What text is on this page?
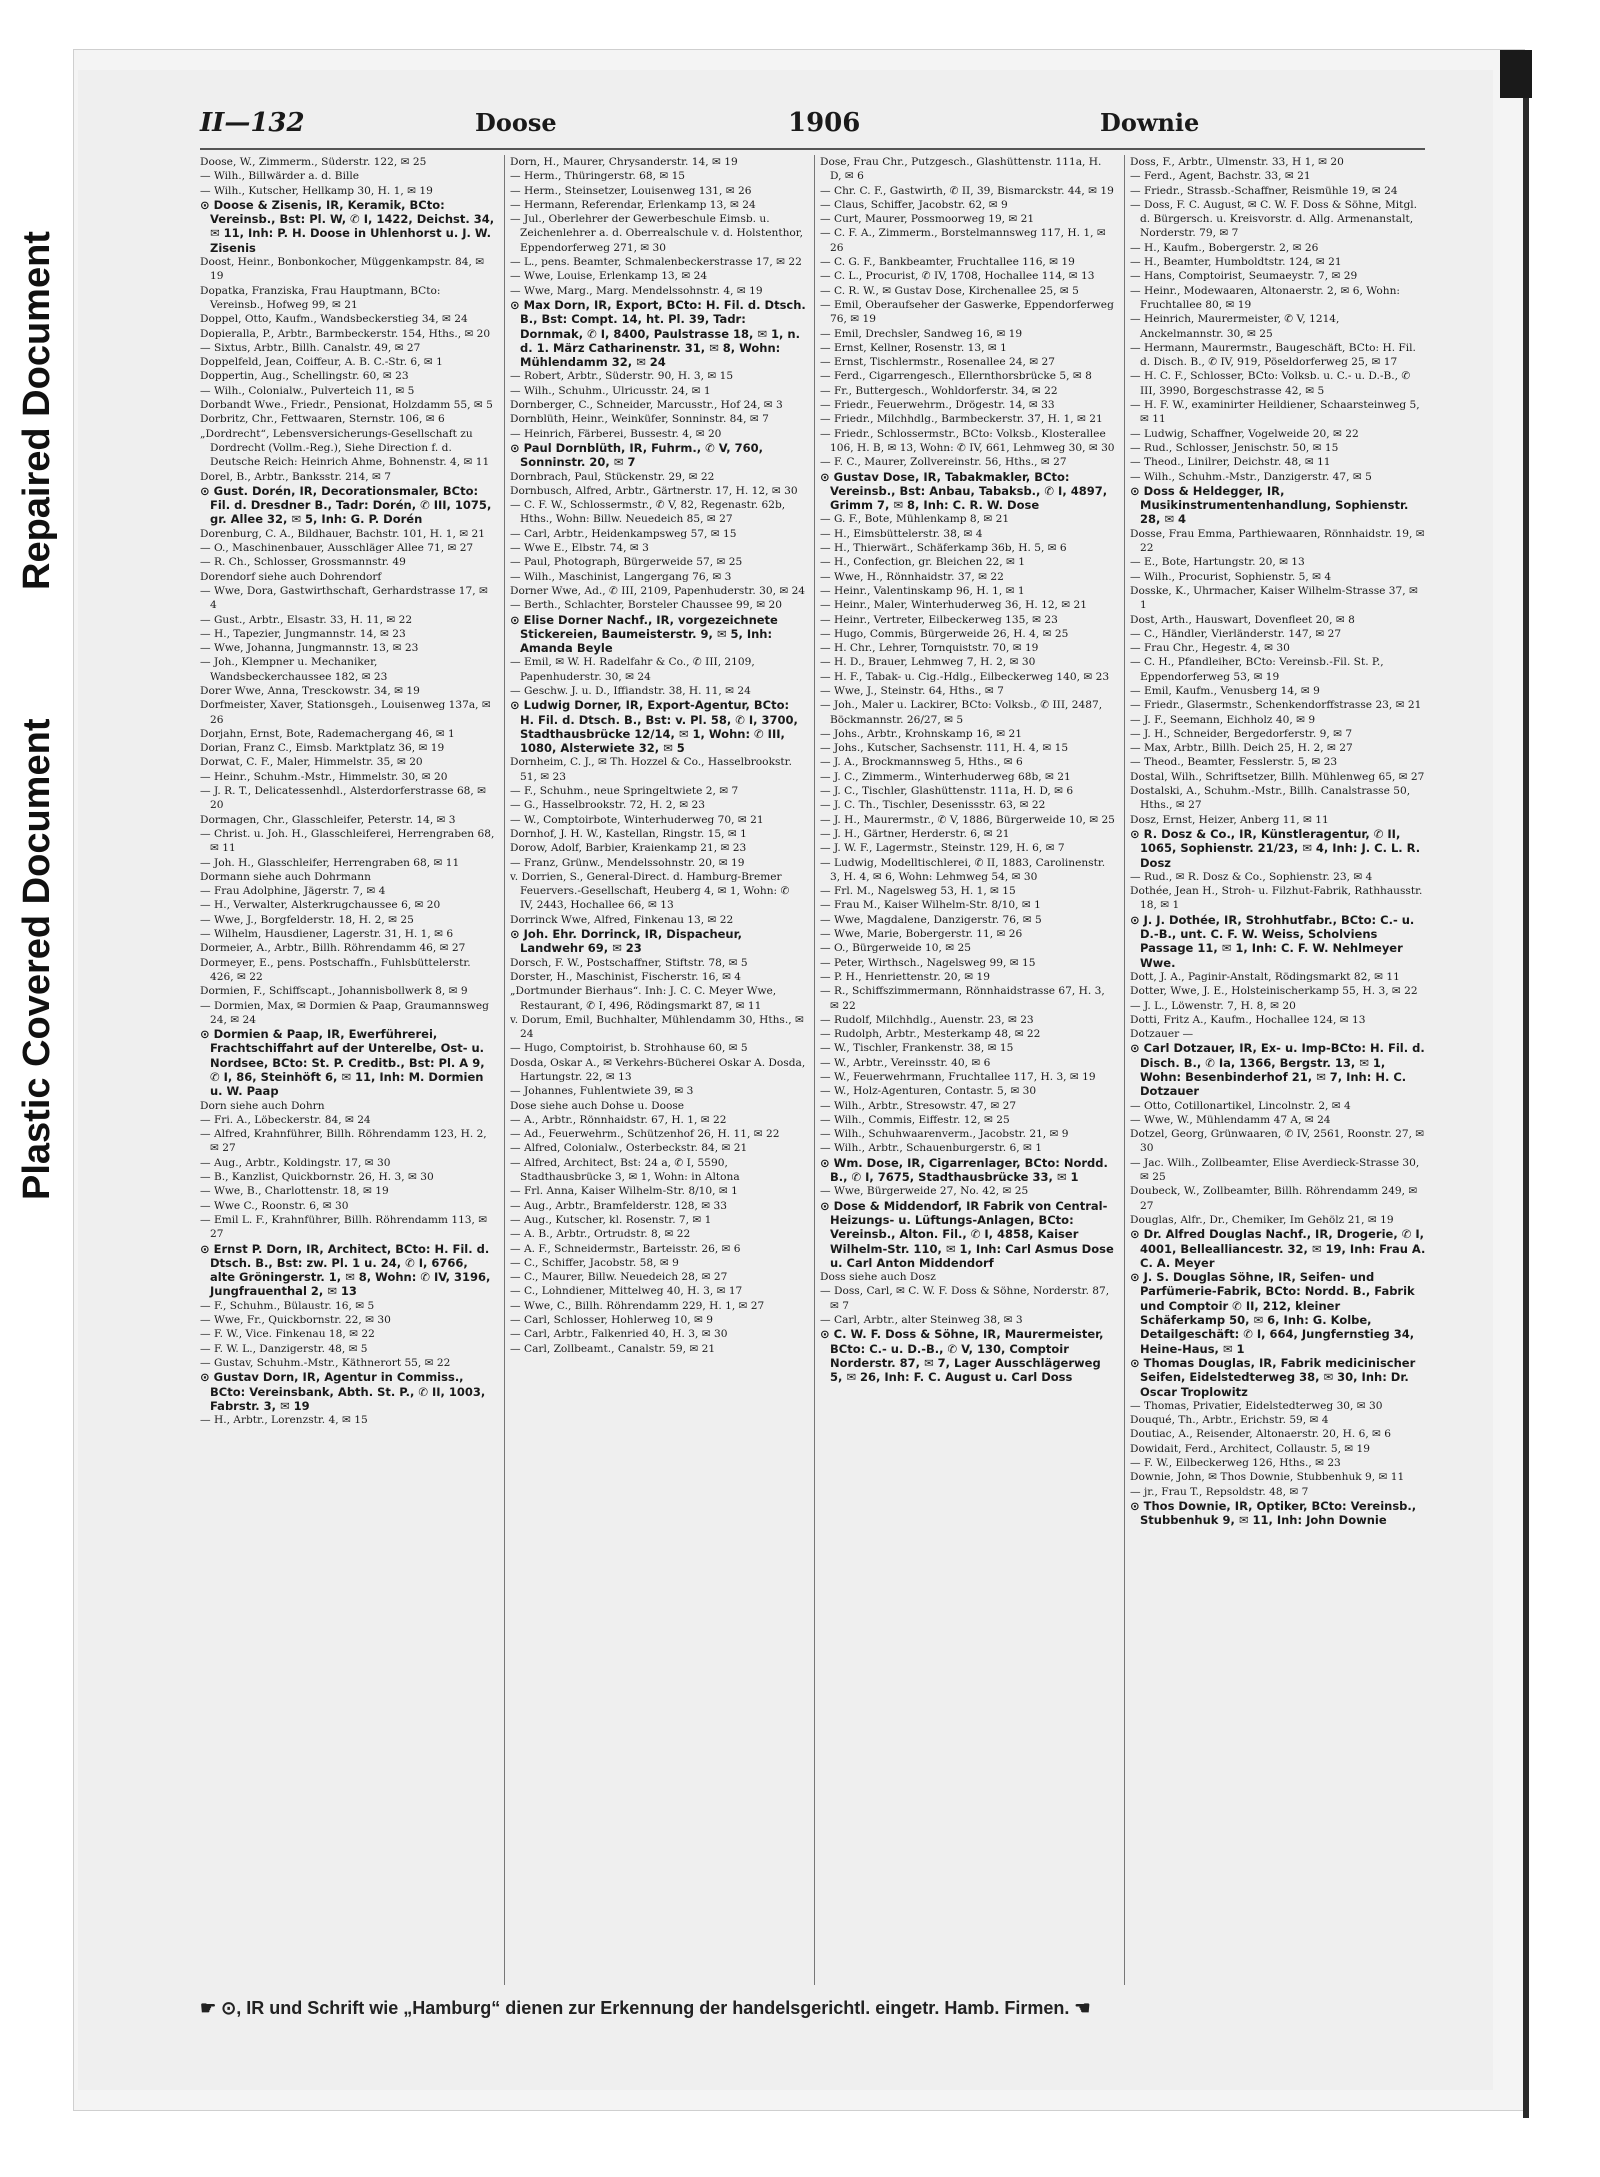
Repaired Document
Plastic Covered Document
II—132	Doose	1906	Downie

Doose, W., Zimmerm., Süderstr. 122, ✉ 25

— Wilh., Billwärder a. d. Bille

— Wilh., Kutscher, Hellkamp 30, H. 1, ✉ 19

⊙ Doose & Zisenis, IR, Keramik, BCto: Vereinsb., Bst: Pl. W, ✆ I, 1422, Deichst. 34, ✉ 11, Inh: P. H. Doose in Uhlenhorst u. J. W. Zisenis

Doost, Heinr., Bonbonkocher, Müggenkampstr. 84, ✉ 19

Dopatka, Franziska, Frau Hauptmann, BCto: Vereinsb., Hofweg 99, ✉ 21

Doppel, Otto, Kaufm., Wandsbeckerstieg 34, ✉ 24

Dopieralla, P., Arbtr., Barmbeckerstr. 154, Hths., ✉ 20

— Sixtus, Arbtr., Billh. Canalstr. 49, ✉ 27

Doppelfeld, Jean, Coiffeur, A. B. C.-Str. 6, ✉ 1

Doppertin, Aug., Schellingstr. 60, ✉ 23

— Wilh., Colonialw., Pulverteich 11, ✉ 5

Dorbandt Wwe., Friedr., Pensionat, Holzdamm 55, ✉ 5

Dorbritz, Chr., Fettwaaren, Sternstr. 106, ✉ 6

„Dordrecht“, Lebensversicherungs-Gesellschaft zu Dordrecht (Vollm.-Reg.), Siehe Direction f. d. Deutsche Reich: Heinrich Ahme, Bohnenstr. 4, ✉ 11

Dorel, B., Arbtr., Banksstr. 214, ✉ 7

⊙ Gust. Dorén, IR, Decorationsmaler, BCto: Fil. d. Dresdner B., Tadr: Dorén, ✆ III, 1075, gr. Allee 32, ✉ 5, Inh: G. P. Dorén

Dorenburg, C. A., Bildhauer, Bachstr. 101, H. 1, ✉ 21

— O., Maschinenbauer, Ausschläger Allee 71, ✉ 27

— R. Ch., Schlosser, Grossmannstr. 49

Dorendorf siehe auch Dohrendorf

— Wwe, Dora, Gastwirthschaft, Gerhardstrasse 17, ✉ 4

— Gust., Arbtr., Elsastr. 33, H. 11, ✉ 22

— H., Tapezier, Jungmannstr. 14, ✉ 23

— Wwe, Johanna, Jungmannstr. 13, ✉ 23

— Joh., Klempner u. Mechaniker, Wandsbeckerchaussee 182, ✉ 23

Dorer Wwe, Anna, Tresckowstr. 34, ✉ 19

Dorfmeister, Xaver, Stationsgeh., Louisenweg 137a, ✉ 26

Dorjahn, Ernst, Bote, Rademachergang 46, ✉ 1

Dorian, Franz C., Eimsb. Marktplatz 36, ✉ 19

Dorwat, C. F., Maler, Himmelstr. 35, ✉ 20

— Heinr., Schuhm.-Mstr., Himmelstr. 30, ✉ 20

— J. R. T., Delicatessenhdl., Alsterdorferstrasse 68, ✉ 20

Dormagen, Chr., Glasschleifer, Peterstr. 14, ✉ 3

— Christ. u. Joh. H., Glasschleiferei, Herrengraben 68, ✉ 11

— Joh. H., Glasschleifer, Herrengraben 68, ✉ 11

Dormann siehe auch Dohrmann

— Frau Adolphine, Jägerstr. 7, ✉ 4

— H., Verwalter, Alsterkrugchaussee 6, ✉ 20

— Wwe, J., Borgfelderstr. 18, H. 2, ✉ 25

— Wilhelm, Hausdiener, Lagerstr. 31, H. 1, ✉ 6

Dormeier, A., Arbtr., Billh. Röhrendamm 46, ✉ 27

Dormeyer, E., pens. Postschaffn., Fuhlsbüttelerstr. 426, ✉ 22

Dormien, F., Schiffscapt., Johannisbollwerk 8, ✉ 9

— Dormien, Max, ✉ Dormien & Paap, Graumannsweg 24, ✉ 24

⊙ Dormien & Paap, IR, Ewerführerei, Frachtschiffahrt auf der Unterelbe, Ost- u. Nordsee, BCto: St. P. Creditb., Bst: Pl. A 9, ✆ I, 86, Steinhöft 6, ✉ 11, Inh: M. Dormien u. W. Paap

Dorn siehe auch Dohrn

— Fri. A., Löbeckerstr. 84, ✉ 24

— Alfred, Krahnführer, Billh. Röhrendamm 123, H. 2, ✉ 27

— Aug., Arbtr., Koldingstr. 17, ✉ 30

— B., Kanzlist, Quickbornstr. 26, H. 3, ✉ 30

— Wwe, B., Charlottenstr. 18, ✉ 19

— Wwe C., Roonstr. 6, ✉ 30

— Emil L. F., Krahnführer, Billh. Röhrendamm 113, ✉ 27

⊙ Ernst P. Dorn, IR, Architect, BCto: H. Fil. d. Dtsch. B., Bst: zw. Pl. 1 u. 24, ✆ I, 6766, alte Gröningerstr. 1, ✉ 8, Wohn: ✆ IV, 3196, Jungfrauenthal 2, ✉ 13

— F., Schuhm., Bülaustr. 16, ✉ 5

— Wwe, Fr., Quickbornstr. 22, ✉ 30

— F. W., Vice. Finkenau 18, ✉ 22

— F. W. L., Danzigerstr. 48, ✉ 5

— Gustav, Schuhm.-Mstr., Käthnerort 55, ✉ 22

⊙ Gustav Dorn, IR, Agentur in Commiss., BCto: Vereinsbank, Abth. St. P., ✆ II, 1003, Fabrstr. 3, ✉ 19

— H., Arbtr., Lorenzstr. 4, ✉ 15

Dorn, H., Maurer, Chrysanderstr. 14, ✉ 19

— Herm., Thüringerstr. 68, ✉ 15

— Herm., Steinsetzer, Louisenweg 131, ✉ 26

— Hermann, Referendar, Erlenkamp 13, ✉ 24

— Jul., Oberlehrer der Gewerbeschule Eimsb. u. Zeichenlehrer a. d. Oberrealschule v. d. Holstenthor, Eppendorferweg 271, ✉ 30

— L., pens. Beamter, Schmalenbeckerstrasse 17, ✉ 22

— Wwe, Louise, Erlenkamp 13, ✉ 24

— Wwe, Marg., Marg. Mendelssohnstr. 4, ✉ 19

⊙ Max Dorn, IR, Export, BCto: H. Fil. d. Dtsch. B., Bst: Compt. 14, ht. Pl. 39, Tadr: Dornmak, ✆ I, 8400, Paulstrasse 18, ✉ 1, n. d. 1. März Catharinenstr. 31, ✉ 8, Wohn: Mühlendamm 32, ✉ 24

— Robert, Arbtr., Süderstr. 90, H. 3, ✉ 15

— Wilh., Schuhm., Ulricusstr. 24, ✉ 1

Dornberger, C., Schneider, Marcusstr., Hof 24, ✉ 3

Dornblüth, Heinr., Weinküfer, Sonninstr. 84, ✉ 7

— Heinrich, Färberei, Bussestr. 4, ✉ 20

⊙ Paul Dornblüth, IR, Fuhrm., ✆ V, 760, Sonninstr. 20, ✉ 7

Dornbrach, Paul, Stückenstr. 29, ✉ 22

Dornbusch, Alfred, Arbtr., Gärtnerstr. 17, H. 12, ✉ 30

— C. F. W., Schlossermstr., ✆ V, 82, Regenastr. 62b, Hths., Wohn: Billw. Neuedeich 85, ✉ 27

— Carl, Arbtr., Heidenkampsweg 57, ✉ 15

— Wwe E., Elbstr. 74, ✉ 3

— Paul, Photograph, Bürgerweide 57, ✉ 25

— Wilh., Maschinist, Langergang 76, ✉ 3

Dorner Wwe, Ad., ✆ III, 2109, Papenhuderstr. 30, ✉ 24

— Berth., Schlachter, Borsteler Chaussee 99, ✉ 20

⊙ Elise Dorner Nachf., IR, vorgezeichnete Stickereien, Baumeisterstr. 9, ✉ 5, Inh: Amanda Beyle

— Emil, ✉ W. H. Radelfahr & Co., ✆ III, 2109, Papenhuderstr. 30, ✉ 24

— Geschw. J. u. D., Iffiandstr. 38, H. 11, ✉ 24

⊙ Ludwig Dorner, IR, Export-Agentur, BCto: H. Fil. d. Dtsch. B., Bst: v. Pl. 58, ✆ I, 3700, Stadthausbrücke 12/14, ✉ 1, Wohn: ✆ III, 1080, Alsterwiete 32, ✉ 5

Dornheim, C. J., ✉ Th. Hozzel & Co., Hasselbrookstr. 51, ✉ 23

— F., Schuhm., neue Springeltwiete 2, ✉ 7

— G., Hasselbrookstr. 72, H. 2, ✉ 23

— W., Comptoirbote, Winterhuderweg 70, ✉ 21

Dornhof, J. H. W., Kastellan, Ringstr. 15, ✉ 1

Dorow, Adolf, Barbier, Kraienkamp 21, ✉ 23

— Franz, Grünw., Mendelssohnstr. 20, ✉ 19

v. Dorrien, S., General-Direct. d. Hamburg-Bremer Feuervers.-Gesellschaft, Heuberg 4, ✉ 1, Wohn: ✆ IV, 2443, Hochallee 66, ✉ 13

Dorrinck Wwe, Alfred, Finkenau 13, ✉ 22

⊙ Joh. Ehr. Dorrinck, IR, Dispacheur, Landwehr 69, ✉ 23

Dorsch, F. W., Postschaffner, Stiftstr. 78, ✉ 5

Dorster, H., Maschinist, Fischerstr. 16, ✉ 4

„Dortmunder Bierhaus“. Inh: J. C. C. Meyer Wwe, Restaurant, ✆ I, 496, Rödingsmarkt 87, ✉ 11

v. Dorum, Emil, Buchhalter, Mühlendamm 30, Hths., ✉ 24

— Hugo, Comptoirist, b. Strohhause 60, ✉ 5

Dosda, Oskar A., ✉ Verkehrs-Bücherei Oskar A. Dosda, Hartungstr. 22, ✉ 13

— Johannes, Fuhlentwiete 39, ✉ 3

Dose siehe auch Dohse u. Doose

— A., Arbtr., Rönnhaidstr. 67, H. 1, ✉ 22

— Ad., Feuerwehrm., Schützenhof 26, H. 11, ✉ 22

— Alfred, Colonialw., Osterbeckstr. 84, ✉ 21

— Alfred, Architect, Bst: 24 a, ✆ I, 5590, Stadthausbrücke 3, ✉ 1, Wohn: in Altona

— Frl. Anna, Kaiser Wilhelm-Str. 8/10, ✉ 1

— Aug., Arbtr., Bramfelderstr. 128, ✉ 33

— Aug., Kutscher, kl. Rosenstr. 7, ✉ 1

— A. B., Arbtr., Ortrudstr. 8, ✉ 22

— A. F., Schneidermstr., Barteisstr. 26, ✉ 6

— C., Schiffer, Jacobstr. 58, ✉ 9

— C., Maurer, Billw. Neuedeich 28, ✉ 27

— C., Lohndiener, Mittelweg 40, H. 3, ✉ 17

— Wwe, C., Billh. Röhrendamm 229, H. 1, ✉ 27

— Carl, Schlosser, Hohlerweg 10, ✉ 9

— Carl, Arbtr., Falkenried 40, H. 3, ✉ 30

— Carl, Zollbeamt., Canalstr. 59, ✉ 21

Dose, Frau Chr., Putzgesch., Glashüttenstr. 111a, H. D, ✉ 6

— Chr. C. F., Gastwirth, ✆ II, 39, Bismarckstr. 44, ✉ 19

— Claus, Schiffer, Jacobstr. 62, ✉ 9

— Curt, Maurer, Possmoorweg 19, ✉ 21

— C. F. A., Zimmerm., Borstelmannsweg 117, H. 1, ✉ 26

— C. G. F., Bankbeamter, Fruchtallee 116, ✉ 19

— C. L., Procurist, ✆ IV, 1708, Hochallee 114, ✉ 13

— C. R. W., ✉ Gustav Dose, Kirchenallee 25, ✉ 5

— Emil, Oberaufseher der Gaswerke, Eppendorferweg 76, ✉ 19

— Emil, Drechsler, Sandweg 16, ✉ 19

— Ernst, Kellner, Rosenstr. 13, ✉ 1

— Ernst, Tischlermstr., Rosenallee 24, ✉ 27

— Ferd., Cigarrengesch., Ellernthorsbrücke 5, ✉ 8

— Fr., Buttergesch., Wohldorferstr. 34, ✉ 22

— Friedr., Feuerwehrm., Drögestr. 14, ✉ 33

— Friedr., Milchhdlg., Barmbeckerstr. 37, H. 1, ✉ 21

— Friedr., Schlossermstr., BCto: Volksb., Klosterallee 106, H. B, ✉ 13, Wohn: ✆ IV, 661, Lehmweg 30, ✉ 30

— F. C., Maurer, Zollvereinstr. 56, Hths., ✉ 27

⊙ Gustav Dose, IR, Tabakmakler, BCto: Vereinsb., Bst: Anbau, Tabaksb., ✆ I, 4897, Grimm 7, ✉ 8, Inh: C. R. W. Dose

— G. F., Bote, Mühlenkamp 8, ✉ 21

— H., Eimsbüttelerstr. 38, ✉ 4

— H., Thierwärt., Schäferkamp 36b, H. 5, ✉ 6

— H., Confection, gr. Bleichen 22, ✉ 1

— Wwe, H., Rönnhaidstr. 37, ✉ 22

— Heinr., Valentinskamp 96, H. 1, ✉ 1

— Heinr., Maler, Winterhuderweg 36, H. 12, ✉ 21

— Heinr., Vertreter, Eilbeckerweg 135, ✉ 23

— Hugo, Commis, Bürgerweide 26, H. 4, ✉ 25

— H. Chr., Lehrer, Tornquiststr. 70, ✉ 19

— H. D., Brauer, Lehmweg 7, H. 2, ✉ 30

— H. F., Tabak- u. Cig.-Hdlg., Eilbeckerweg 140, ✉ 23

— Wwe, J., Steinstr. 64, Hths., ✉ 7

— Joh., Maler u. Lackirer, BCto: Volksb., ✆ III, 2487, Böckmannstr. 26/27, ✉ 5

— Johs., Arbtr., Krohnskamp 16, ✉ 21

— Johs., Kutscher, Sachsenstr. 111, H. 4, ✉ 15

— J. A., Brockmannsweg 5, Hths., ✉ 6

— J. C., Zimmerm., Winterhuderweg 68b, ✉ 21

— J. C., Tischler, Glashüttenstr. 111a, H. D, ✉ 6

— J. C. Th., Tischler, Desenissstr. 63, ✉ 22

— J. H., Maurermstr., ✆ V, 1886, Bürgerweide 10, ✉ 25

— J. H., Gärtner, Herderstr. 6, ✉ 21

— J. W. F., Lagermstr., Steinstr. 129, H. 6, ✉ 7

— Ludwig, Modelltischlerei, ✆ II, 1883, Carolinenstr. 3, H. 4, ✉ 6, Wohn: Lehmweg 54, ✉ 30

— Frl. M., Nagelsweg 53, H. 1, ✉ 15

— Frau M., Kaiser Wilhelm-Str. 8/10, ✉ 1

— Wwe, Magdalene, Danzigerstr. 76, ✉ 5

— Wwe, Marie, Bobergerstr. 11, ✉ 26

— O., Bürgerweide 10, ✉ 25

— Peter, Wirthsch., Nagelsweg 99, ✉ 15

— P. H., Henriettenstr. 20, ✉ 19

— R., Schiffszimmermann, Rönnhaidstrasse 67, H. 3, ✉ 22

— Rudolf, Milchhdlg., Auenstr. 23, ✉ 23

— Rudolph, Arbtr., Mesterkamp 48, ✉ 22

— W., Tischler, Frankenstr. 38, ✉ 15

— W., Arbtr., Vereinsstr. 40, ✉ 6

— W., Feuerwehrmann, Fruchtallee 117, H. 3, ✉ 19

— W., Holz-Agenturen, Contastr. 5, ✉ 30

— Wilh., Arbtr., Stresowstr. 47, ✉ 27

— Wilh., Commis, Eiffestr. 12, ✉ 25

— Wilh., Schuhwaarenverm., Jacobstr. 21, ✉ 9

— Wilh., Arbtr., Schauenburgerstr. 6, ✉ 1

⊙ Wm. Dose, IR, Cigarrenlager, BCto: Nordd. B., ✆ I, 7675, Stadthausbrücke 33, ✉ 1

— Wwe, Bürgerweide 27, No. 42, ✉ 25

⊙ Dose & Middendorf, IR Fabrik von Central-Heizungs- u. Lüftungs-Anlagen, BCto: Vereinsb., Alton. Fil., ✆ I, 4858, Kaiser Wilhelm-Str. 110, ✉ 1, Inh: Carl Asmus Dose u. Carl Anton Middendorf

Doss siehe auch Dosz

— Doss, Carl, ✉ C. W. F. Doss & Söhne, Norderstr. 87, ✉ 7

— Carl, Arbtr., alter Steinweg 38, ✉ 3

⊙ C. W. F. Doss & Söhne, IR, Maurermeister, BCto: C.- u. D.-B., ✆ V, 130, Comptoir Norderstr. 87, ✉ 7, Lager Ausschlägerweg 5, ✉ 26, Inh: F. C. August u. Carl Doss

Doss, F., Arbtr., Ulmenstr. 33, H 1, ✉ 20

— Ferd., Agent, Bachstr. 33, ✉ 21

— Friedr., Strassb.-Schaffner, Reismühle 19, ✉ 24

— Doss, F. C. August, ✉ C. W. F. Doss & Söhne, Mitgl. d. Bürgersch. u. Kreisvorstr. d. Allg. Armenanstalt, Norderstr. 79, ✉ 7

— H., Kaufm., Bobergerstr. 2, ✉ 26

— H., Beamter, Humboldtstr. 124, ✉ 21

— Hans, Comptoirist, Seumaeystr. 7, ✉ 29

— Heinr., Modewaaren, Altonaerstr. 2, ✉ 6, Wohn: Fruchtallee 80, ✉ 19

— Heinrich, Maurermeister, ✆ V, 1214, Anckelmannstr. 30, ✉ 25

— Hermann, Maurermstr., Baugeschäft, BCto: H. Fil. d. Disch. B., ✆ IV, 919, Pöseldorferweg 25, ✉ 17

— H. C. F., Schlosser, BCto: Volksb. u. C.- u. D.-B., ✆ III, 3990, Borgeschstrasse 42, ✉ 5

— H. F. W., examinirter Heildiener, Schaarsteinweg 5, ✉ 11

— Ludwig, Schaffner, Vogelweide 20, ✉ 22

— Rud., Schlosser, Jenischstr. 50, ✉ 15

— Theod., Linilrer, Deichstr. 48, ✉ 11

— Wilh., Schuhm.-Mstr., Danzigerstr. 47, ✉ 5

⊙ Doss & Heldegger, IR, Musikinstrumentenhandlung, Sophienstr. 28, ✉ 4

Dosse, Frau Emma, Parthiewaaren, Rönnhaidstr. 19, ✉ 22

— E., Bote, Hartungstr. 20, ✉ 13

— Wilh., Procurist, Sophienstr. 5, ✉ 4

Dosske, K., Uhrmacher, Kaiser Wilhelm-Strasse 37, ✉ 1

Dost, Arth., Hauswart, Dovenfleet 20, ✉ 8

— C., Händler, Vierländerstr. 147, ✉ 27

— Frau Chr., Hegestr. 4, ✉ 30

— C. H., Pfandleiher, BCto: Vereinsb.-Fil. St. P., Eppendorferweg 53, ✉ 19

— Emil, Kaufm., Venusberg 14, ✉ 9

— Friedr., Glasermstr., Schenkendorffstrasse 23, ✉ 21

— J. F., Seemann, Eichholz 40, ✉ 9

— J. H., Schneider, Bergedorferstr. 9, ✉ 7

— Max, Arbtr., Billh. Deich 25, H. 2, ✉ 27

— Theod., Beamter, Fesslerstr. 5, ✉ 23

Dostal, Wilh., Schriftsetzer, Billh. Mühlenweg 65, ✉ 27

Dostalski, A., Schuhm.-Mstr., Billh. Canalstrasse 50, Hths., ✉ 27

Dosz, Ernst, Heizer, Anberg 11, ✉ 11

⊙ R. Dosz & Co., IR, Künstleragentur, ✆ II, 1065, Sophienstr. 21/23, ✉ 4, Inh: J. C. L. R. Dosz

— Rud., ✉ R. Dosz & Co., Sophienstr. 23, ✉ 4

Dothée, Jean H., Stroh- u. Filzhut-Fabrik, Rathhausstr. 18, ✉ 1

⊙ J. J. Dothée, IR, Strohhutfabr., BCto: C.- u. D.-B., unt. C. F. W. Weiss, Scholviens Passage 11, ✉ 1, Inh: C. F. W. Nehlmeyer Wwe.

Dott, J. A., Paginir-Anstalt, Rödingsmarkt 82, ✉ 11

Dotter, Wwe, J. E., Holsteinischerkamp 55, H. 3, ✉ 22

— J. L., Löwenstr. 7, H. 8, ✉ 20

Dotti, Fritz A., Kaufm., Hochallee 124, ✉ 13

Dotzauer —

⊙ Carl Dotzauer, IR, Ex- u. Imp-BCto: H. Fil. d. Disch. B., ✆ Ia, 1366, Bergstr. 13, ✉ 1, Wohn: Besenbinderhof 21, ✉ 7, Inh: H. C. Dotzauer

— Otto, Cotillonartikel, Lincolnstr. 2, ✉ 4

— Wwe, W., Mühlendamm 47 A, ✉ 24

Dotzel, Georg, Grünwaaren, ✆ IV, 2561, Roonstr. 27, ✉ 30

— Jac. Wilh., Zollbeamter, Elise Averdieck-Strasse 30, ✉ 25

Doubeck, W., Zollbeamter, Billh. Röhrendamm 249, ✉ 27

Douglas, Alfr., Dr., Chemiker, Im Gehölz 21, ✉ 19

⊙ Dr. Alfred Douglas Nachf., IR, Drogerie, ✆ I, 4001, Bellealliancestr. 32, ✉ 19, Inh: Frau A. C. A. Meyer

⊙ J. S. Douglas Söhne, IR, Seifen- und Parfümerie-Fabrik, BCto: Nordd. B., Fabrik und Comptoir ✆ II, 212, kleiner Schäferkamp 50, ✉ 6, Inh: G. Kolbe, Detailgeschäft: ✆ I, 664, Jungfernstieg 34, Heine-Haus, ✉ 1

⊙ Thomas Douglas, IR, Fabrik medicinischer Seifen, Eidelstedterweg 38, ✉ 30, Inh: Dr. Oscar Troplowitz

— Thomas, Privatier, Eidelstedterweg 30, ✉ 30

Douqué, Th., Arbtr., Erichstr. 59, ✉ 4

Doutiac, A., Reisender, Altonaerstr. 20, H. 6, ✉ 6

Dowidait, Ferd., Architect, Collaustr. 5, ✉ 19

— F. W., Eilbeckerweg 126, Hths., ✉ 23

Downie, John, ✉ Thos Downie, Stubbenhuk 9, ✉ 11

— jr., Frau T., Repsoldstr. 48, ✉ 7

⊙ Thos Downie, IR, Optiker, BCto: Vereinsb., Stubbenhuk 9, ✉ 11, Inh: John Downie

☛ ⊙, IR und Schrift wie „Hamburg“ dienen zur Erkennung der handelsgerichtl. eingetr. Hamb. Firmen. ☚
